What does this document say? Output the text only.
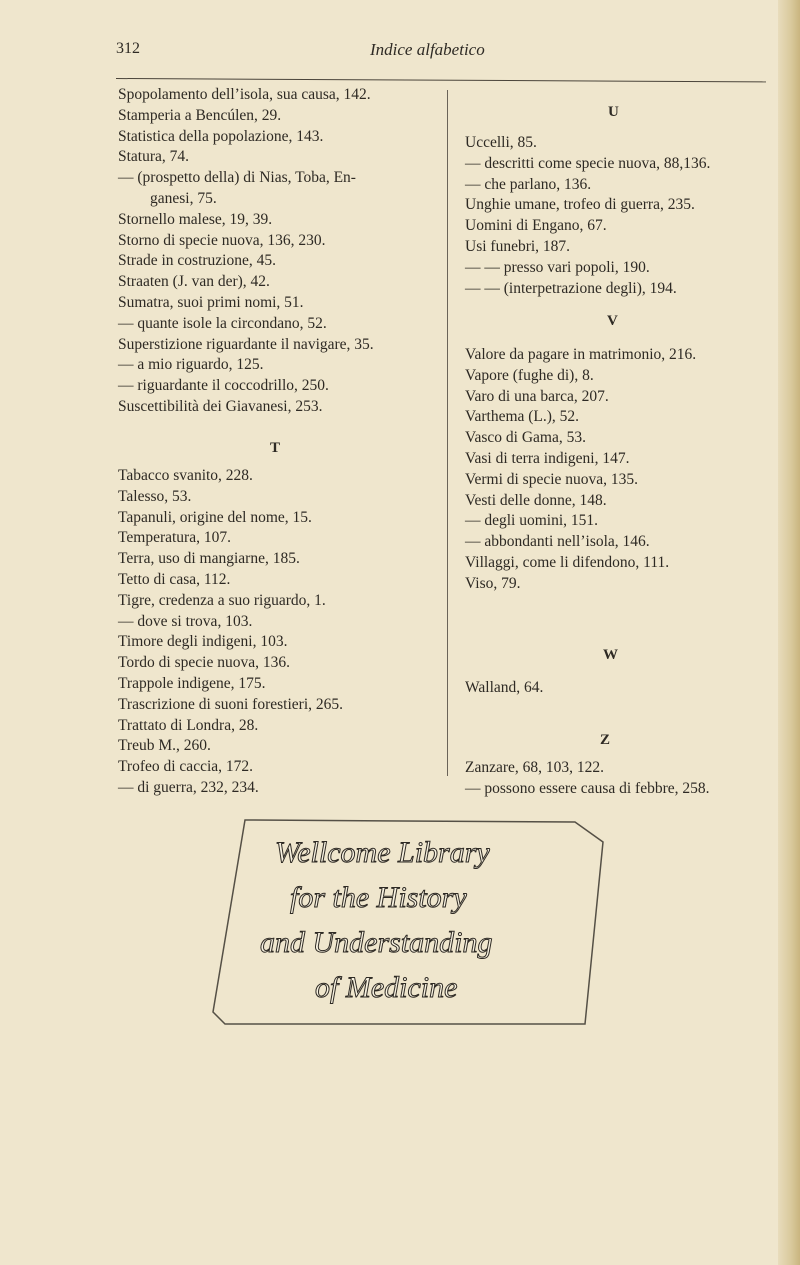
312	Indice alfabetico
Spopolamento dell’isola, sua causa, 142.
Stamperia a Bencúlen, 29.
Statistica della popolazione, 143.
Statura, 74.
— (prospetto della) di Nias, Toba, En-
ganesi, 75.
Stornello malese, 19, 39.
Storno di specie nuova, 136, 230.
Strade in costruzione, 45.
Straaten (J. van der), 42.
Sumatra, suoi primi nomi, 51.
— quante isole la circondano, 52.
Superstizione riguardante il navigare, 35.
— a mio riguardo, 125.
— riguardante il coccodrillo, 250.
Suscettibilità dei Giavanesi, 253.
T
Tabacco svanito, 228.
Talesso, 53.
Tapanuli, origine del nome, 15.
Temperatura, 107.
Terra, uso di mangiarne, 185.
Tetto di casa, 112.
Tigre, credenza a suo riguardo, 1.
— dove si trova, 103.
Timore degli indigeni, 103.
Tordo di specie nuova, 136.
Trappole indigene, 175.
Trascrizione di suoni forestieri, 265.
Trattato di Londra, 28.
Treub M., 260.
Trofeo di caccia, 172.
— di guerra, 232, 234.
U
Uccelli, 85.
— descritti come specie nuova, 88,136.
— che parlano, 136.
Unghie umane, trofeo di guerra, 235.
Uomini di Engano, 67.
Usi funebri, 187.
— — presso vari popoli, 190.
— — (interpetrazione degli), 194.
V
Valore da pagare in matrimonio, 216.
Vapore (fughe di), 8.
Varo di una barca, 207.
Varthema (L.), 52.
Vasco di Gama, 53.
Vasi di terra indigeni, 147.
Vermi di specie nuova, 135.
Vesti delle donne, 148.
— degli uomini, 151.
— abbondanti nell’isola, 146.
Villaggi, come li difendono, 111.
Viso, 79.
W
Walland, 64.
Z
Zanzare, 68, 103, 122.
— possono essere causa di febbre, 258.
Wellcome Library
for the History
and Understanding
of Medicine
